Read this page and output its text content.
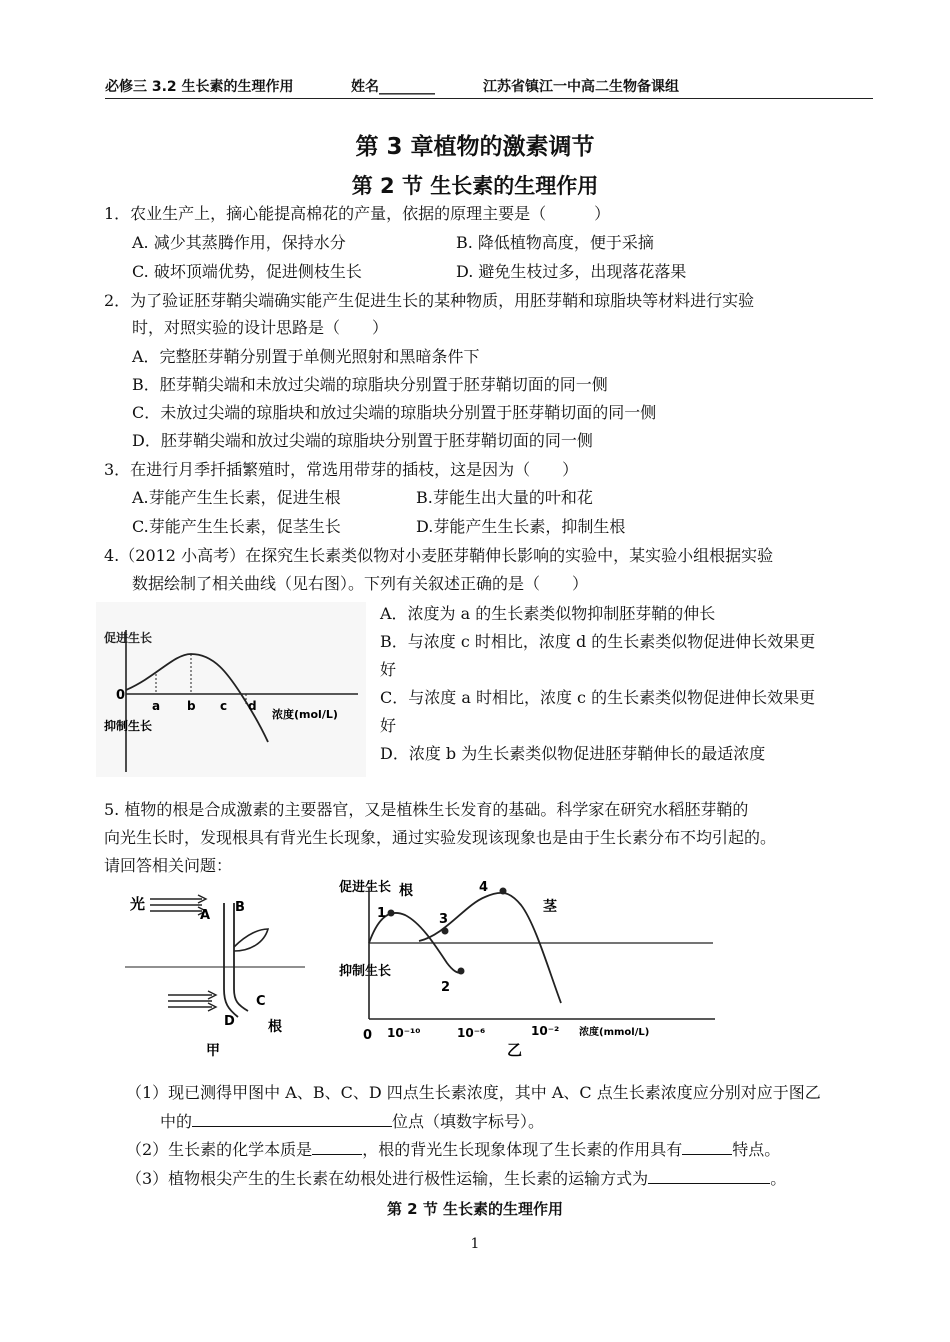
必修三 3.2 生长素的生理作用	姓名________	江苏省镇江一中高二生物备课组
第 3 章植物的激素调节
第 2 节 生长素的生理作用
1．农业生产上，摘心能提高棉花的产量，依据的原理主要是（　　　）
A. 减少其蒸腾作用，保持水分	B. 降低植物高度，便于采摘
C. 破坏顶端优势，促进侧枝生长	D. 避免生枝过多，出现落花落果
2．为了验证胚芽鞘尖端确实能产生促进生长的某种物质，用胚芽鞘和琼脂块等材料进行实验
时，对照实验的设计思路是（　　）
A．完整胚芽鞘分别置于单侧光照射和黑暗条件下
B．胚芽鞘尖端和未放过尖端的琼脂块分别置于胚芽鞘切面的同一侧
C．未放过尖端的琼脂块和放过尖端的琼脂块分别置于胚芽鞘切面的同一侧
D．胚芽鞘尖端和放过尖端的琼脂块分别置于胚芽鞘切面的同一侧
3．在进行月季扦插繁殖时，常选用带芽的插枝，这是因为（　　）
A.芽能产生生长素，促进生根	B.芽能生出大量的叶和花
C.芽能产生生长素，促茎生长	D.芽能产生生长素，抑制生根
4.（2012 小高考）在探究生长素类似物对小麦胚芽鞘伸长影响的实验中，某实验小组根据实验
数据绘制了相关曲线（见右图）。下列有关叙述正确的是（　　）
促进生长
0
a b c d
浓度(mol/L)
抑制生长
A．浓度为 a 的生长素类似物抑制胚芽鞘的伸长
B．与浓度 c 时相比，浓度 d 的生长素类似物促进伸长效果更
好
C．与浓度 a 时相比，浓度 c 的生长素类似物促进伸长效果更
好
D．浓度 b 为生长素类似物促进胚芽鞘伸长的最适浓度
5. 植物的根是合成激素的主要器官，又是植株生长发育的基础。科学家在研究水稻胚芽鞘的
向光生长时，发现根具有背光生长现象，通过实验发现该现象也是由于生长素分布不均引起的。
请回答相关问题：
光
A
B
C
D 根
甲
促进生长
抑制生长
1
2
3
4
根
茎
0 10⁻¹⁰	10⁻⁶	10⁻² 浓度(mmol/L)
乙
（1）现已测得甲图中 A、B、C、D 四点生长素浓度，其中 A、C 点生长素浓度应分别对应于图乙
中的	位点（填数字标号）。
（2）生长素的化学本质是	，根的背光生长现象体现了生长素的作用具有	特点。
（3）植物根尖产生的生长素在幼根处进行极性运输，生长素的运输方式为	。
第 2 节 生长素的生理作用
1
